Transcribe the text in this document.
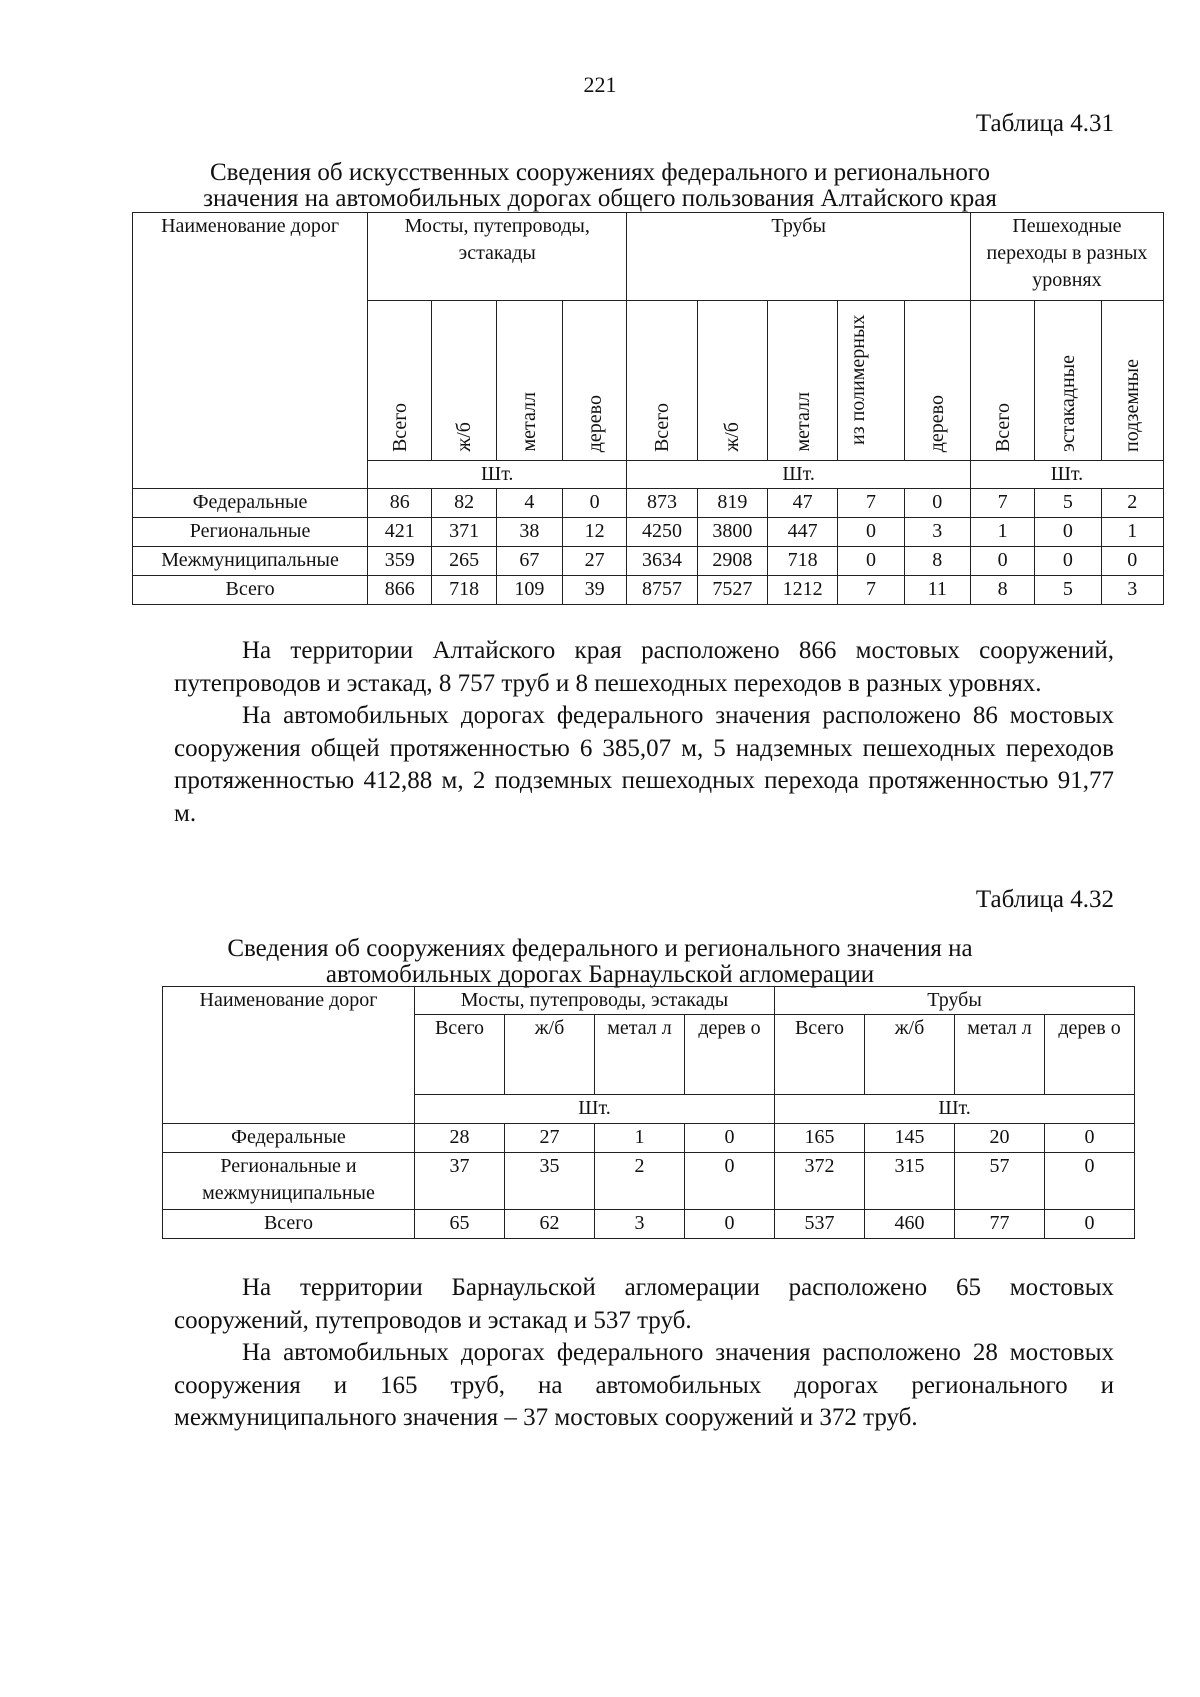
221
Таблица 4.31
Сведения об искусственных сооружениях федерального и регионального
значения на автомобильных дорогах общего пользования Алтайского края
Наименование дорог	Мосты, путепроводы, эстакады				Трубы					Пешеходные переходы в разных уровнях		

	Всего	ж/б	металл	дерево	Всего	ж/б	металл	из полимерных	дерево	Всего	эстакадные	подземные

	Шт.				Шт.					Шт.		
Федеральные	86	82	4	0	873	819	47	7	0	7	5	2
Региональные	421	371	38	12	4250	3800	447	0	3	1	0	1
Межмуниципальные	359	265	67	27	3634	2908	718	0	8	0	0	0
Всего	866	718	109	39	8757	7527	1212	7	11	8	5	3

На территории Алтайского края расположено 866 мостовых сооружений, путепроводов и эстакад, 8 757 труб и 8 пешеходных переходов в разных уровнях.

На автомобильных дорогах федерального значения расположено 86 мостовых сооружения общей протяженностью 6 385,07 м, 5 надземных пешеходных переходов протяженностью 412,88 м, 2 подземных пешеходных перехода протяженностью 91,77 м.

Таблица 4.32
Сведения об сооружениях федерального и регионального значения на
автомобильных дорогах Барнаульской агломерации
Наименование дорог	Мосты, путепроводы, эстакады				Трубы			
	Всего	ж/б	метал л	дерев о	Всего	ж/б	метал л	дерев о
	Шт.				Шт.			
Федеральные	28	27	1	0	165	145	20	0
Региональные и межмуниципальные	37	35	2	0	372	315	57	0
Всего	65	62	3	0	537	460	77	0

На территории Барнаульской агломерации расположено 65 мостовых сооружений, путепроводов и эстакад и 537 труб.

На автомобильных дорогах федерального значения расположено 28 мостовых сооружения и 165 труб, на автомобильных дорогах регионального и межмуниципального значения – 37 мостовых сооружений и 372 труб.
